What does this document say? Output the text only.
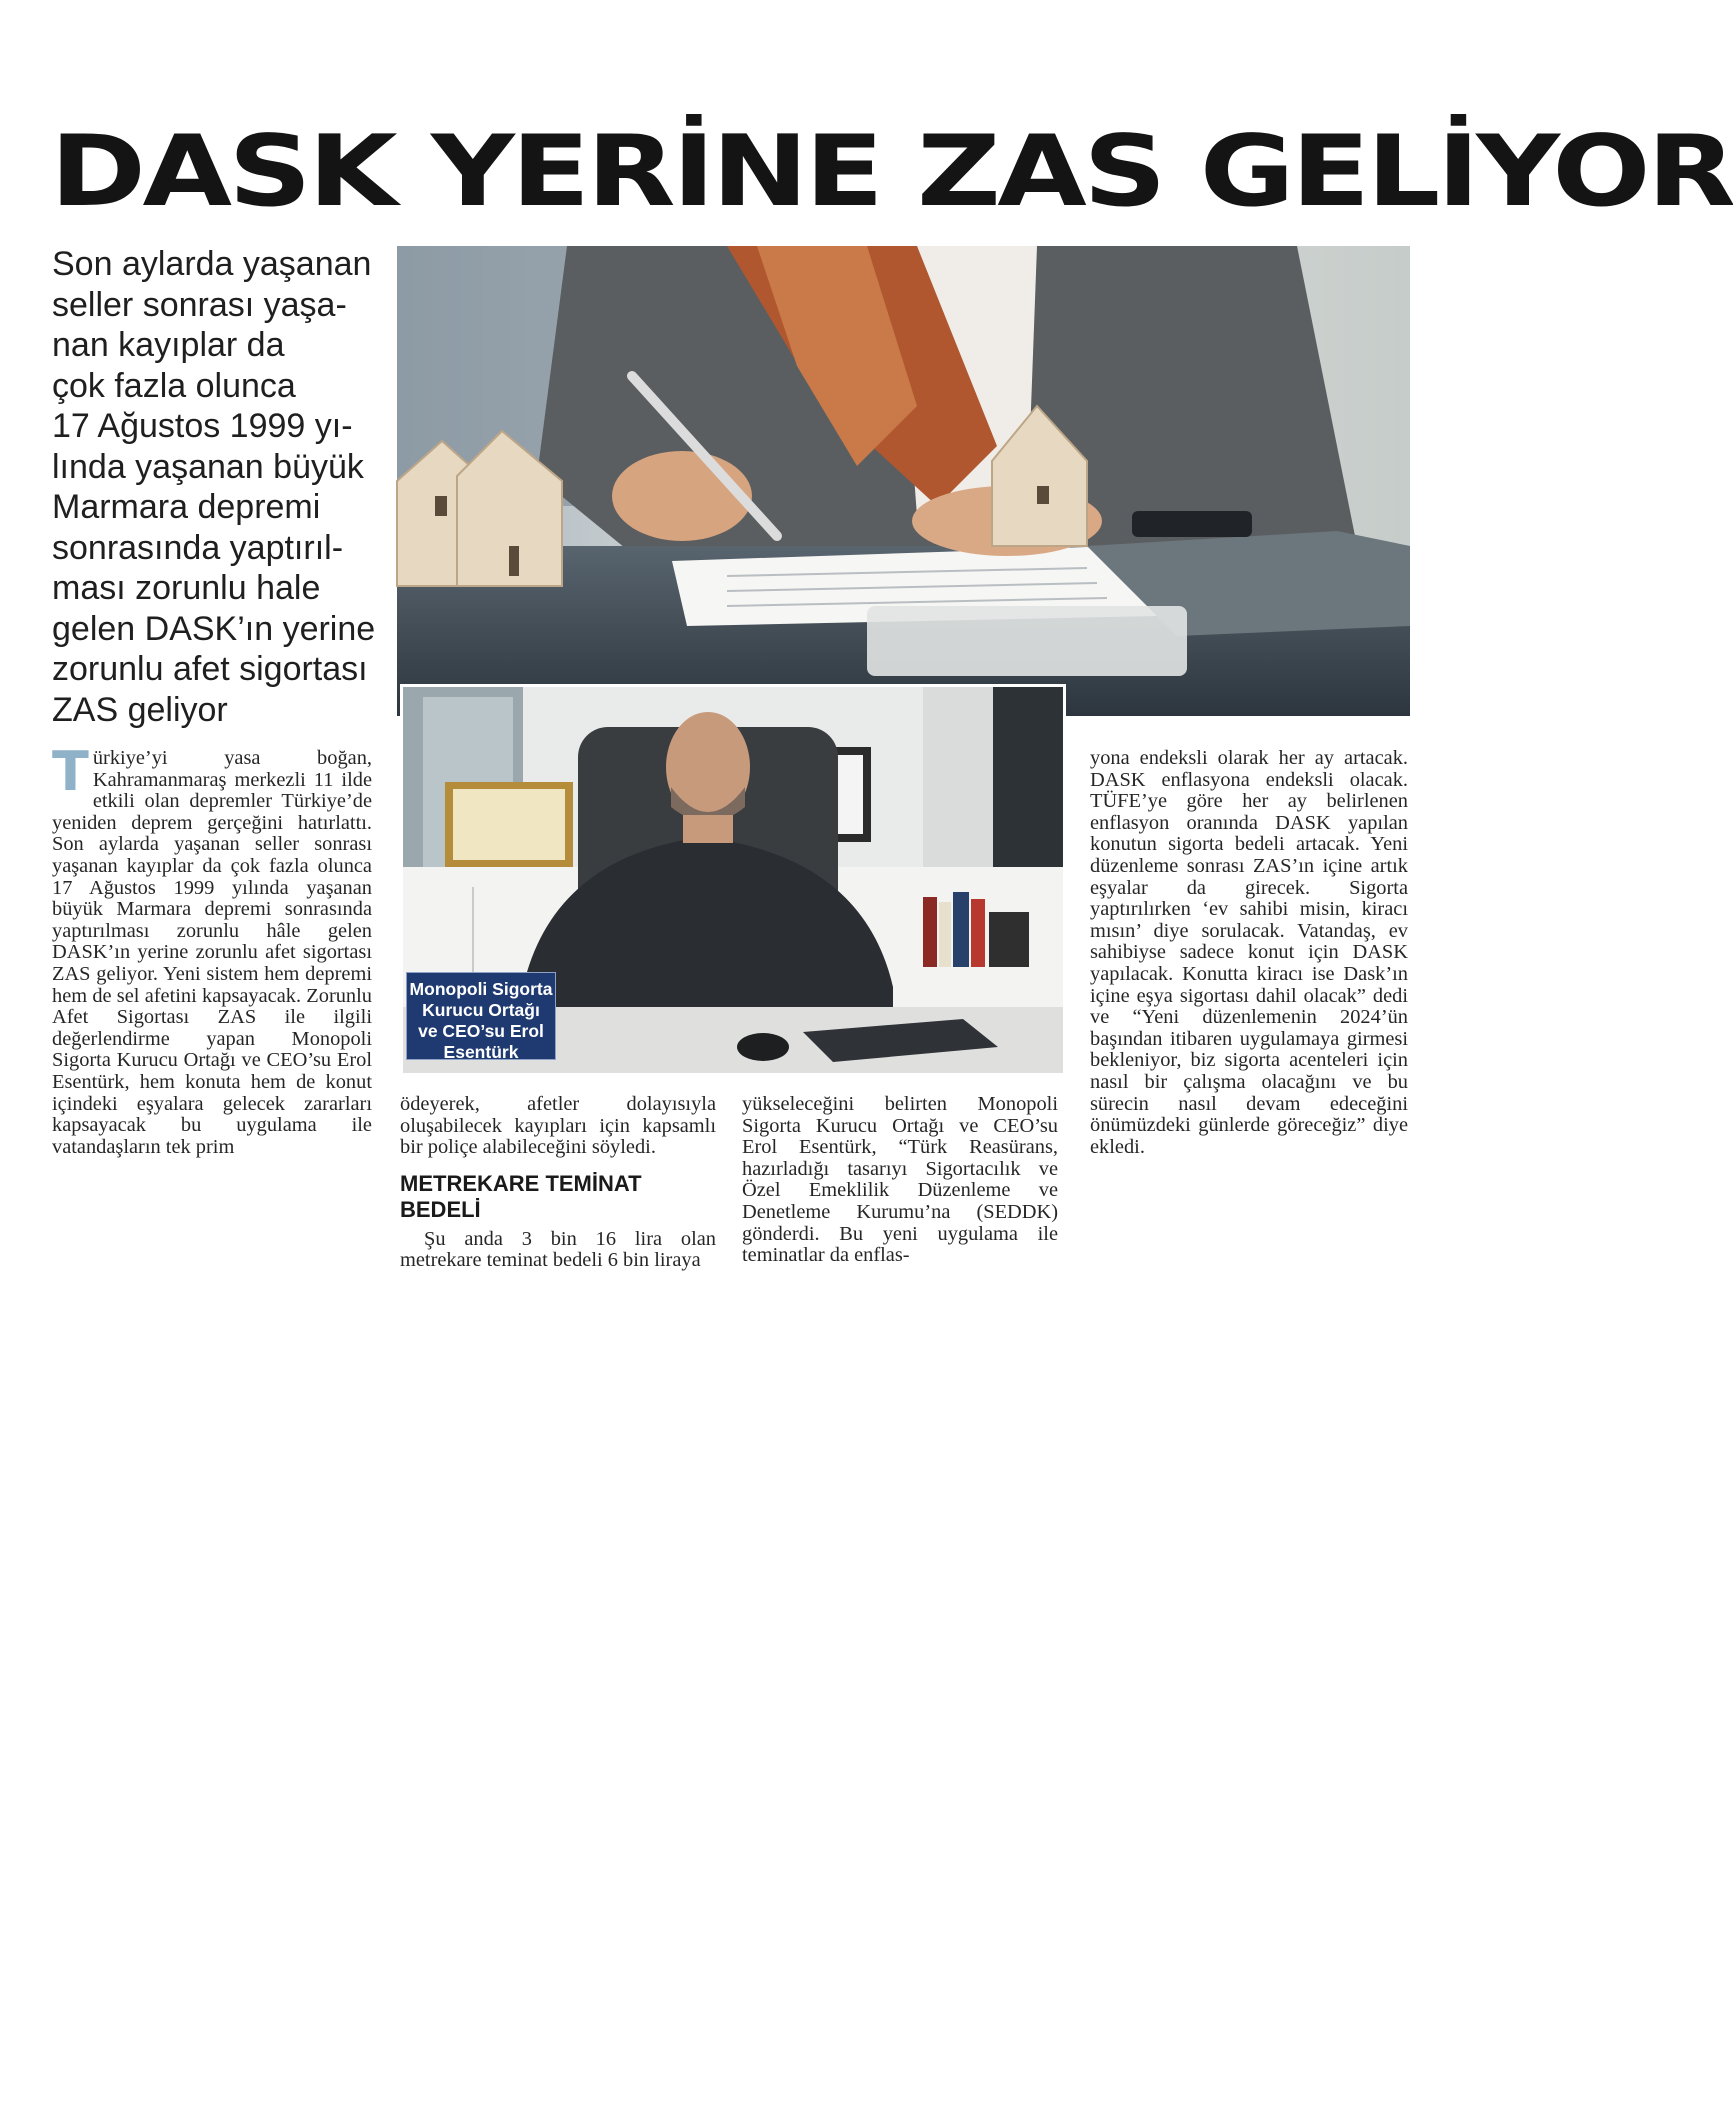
DASK YERİNE ZAS GELİYOR
Son aylarda yaşanan
seller sonrası yaşa-
nan kayıplar da
çok fazla olunca
17 Ağustos 1999 yı-
lında yaşanan büyük
Marmara depremi
sonrasında yaptırıl-
ması zorunlu hale
gelen DASK’ın yerine
zorunlu afet sigortası
ZAS geliyor
Monopoli Sigorta
Kurucu Ortağı
ve CEO’su Erol
Esentürk
Türkiye’yi yasa boğan, Kahramanmaraş merkezli 11 ilde etkili olan depremler Türkiye’de yeniden deprem gerçeğini hatırlattı. Son aylarda yaşanan seller sonrası yaşanan kayıplar da çok fazla olunca 17 Ağustos 1999 yılında yaşanan büyük Marmara depremi sonrasında yaptırılması zorunlu hâle gelen DASK’ın yerine zorunlu afet sigortası ZAS geliyor. Yeni sistem hem depremi hem de sel afetini kapsayacak. Zorunlu Afet Sigortası ZAS ile ilgili değerlendirme yapan Monopoli Sigorta Kurucu Ortağı ve CEO’su Erol Esentürk, hem konuta hem de konut içindeki eşyalara gelecek zararları kapsayacak bu uygulama ile vatandaşların tek prim
ödeyerek, afetler dolayısıyla oluşabilecek kayıpları için kapsamlı bir poliçe alabileceğini söyledi.
METREKARE TEMİNAT BEDELİ
Şu anda 3 bin 16 lira olan metrekare teminat bedeli 6 bin liraya
yükseleceğini belirten Monopoli Sigorta Kurucu Ortağı ve CEO’su Erol Esentürk, “Türk Reasürans, hazırladığı tasarıyı Sigortacılık ve Özel Emeklilik Düzenleme ve Denetleme Kurumu’na (SEDDK) gönderdi. Bu yeni uygulama ile teminatlar da enflas-
yona endeksli olarak her ay artacak. DASK enflasyona endeksli olacak. TÜFE’ye göre her ay belirlenen enflasyon oranında DASK yapılan konutun sigorta bedeli artacak. Yeni düzenleme sonrası ZAS’ın içine artık eşyalar da girecek. Sigorta yaptırılırken ‘ev sahibi misin, kiracı mısın’ diye sorulacak. Vatandaş, ev sahibiyse sadece konut için DASK yapılacak. Konutta kiracı ise Dask’ın içine eşya sigortası dahil olacak” dedi ve “Yeni düzenlemenin 2024’ün başından itibaren uygulamaya girmesi bekleniyor, biz sigorta acenteleri için nasıl bir çalışma olacağını ve bu sürecin nasıl devam edeceğini önümüzdeki günlerde göreceğiz” diye ekledi.
